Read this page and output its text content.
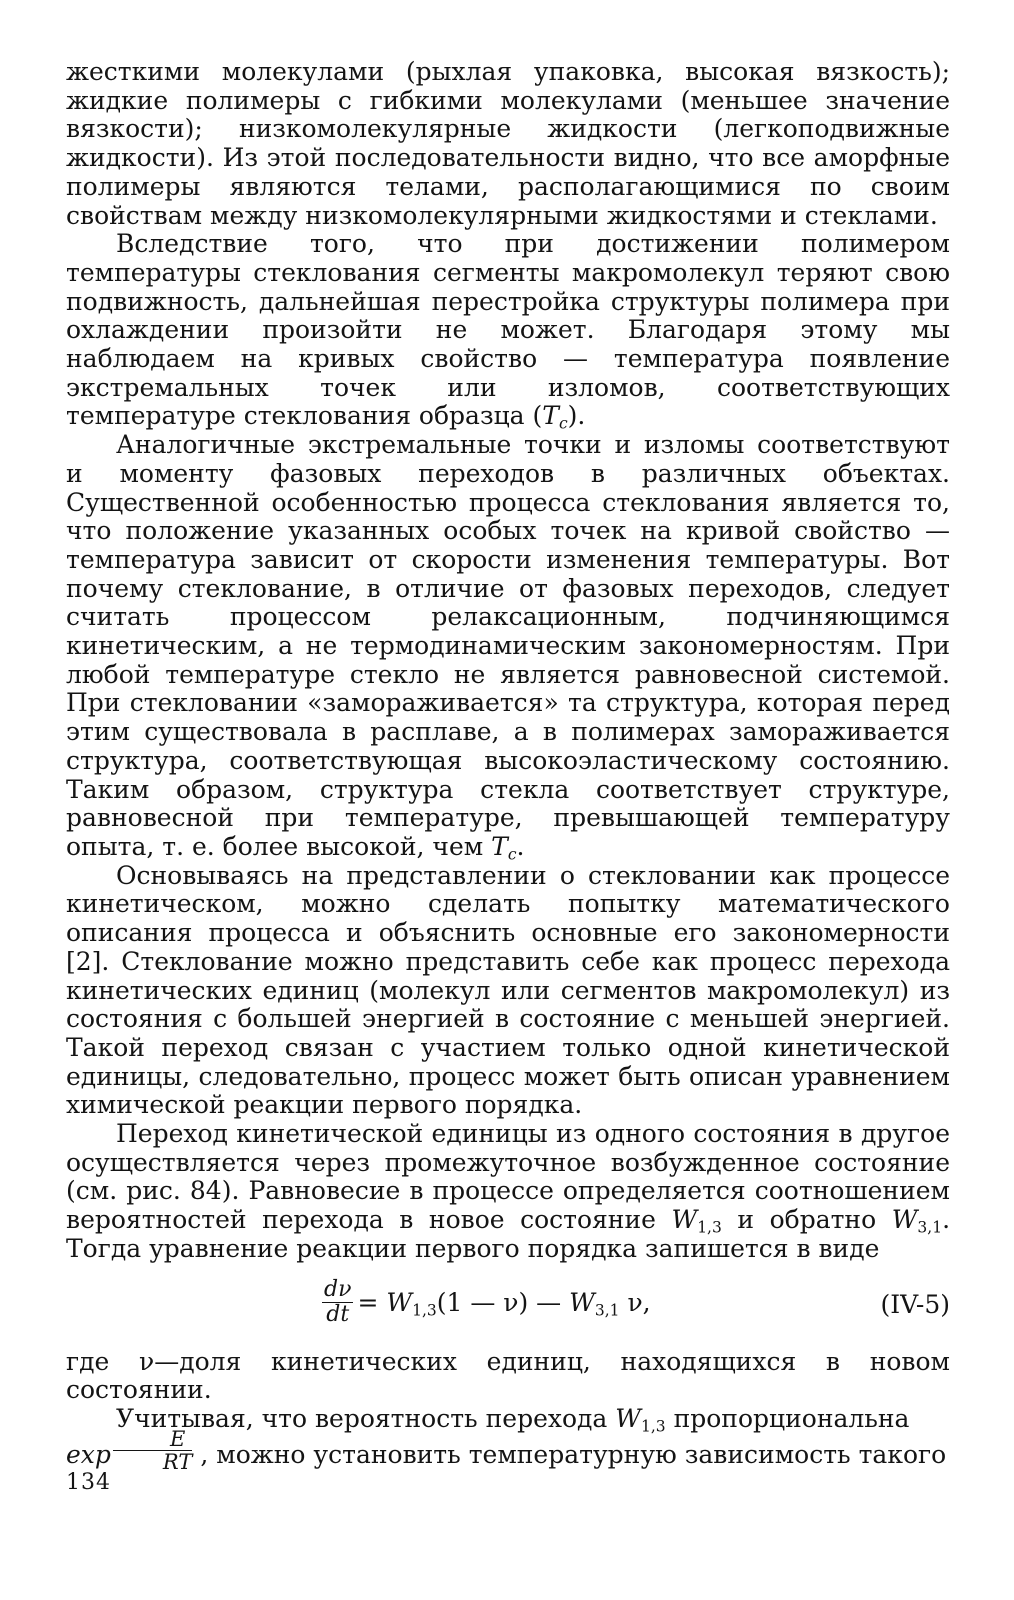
жесткими молекулами (рыхлая упаковка, высокая вязкость); жидкие полимеры с гибкими молекулами (меньшее значение вязкости); низкомолекулярные жидкости (легкоподвижные жидкости). Из этой последовательности видно, что все аморфные полимеры являются телами, располагающимися по своим свойствам между низкомолекулярными жидкостями и стеклами.

Вследствие того, что при достижении полимером температуры стеклования сегменты макромолекул теряют свою подвижность, дальнейшая перестройка структуры полимера при охлаждении произойти не может. Благодаря этому мы наблюдаем на кривых свойство — температура появление экстремальных точек или изломов, соответствующих температуре стеклования образца $(T_c)$.

Аналогичные экстремальные точки и изломы соответствуют и моменту фазовых переходов в различных объектах. Существенной особенностью процесса стеклования является то, что положение указанных особых точек на кривой свойство — температура зависит от скорости изменения температуры. Вот почему стеклование, в отличие от фазовых переходов, следует считать процессом релаксационным, подчиняющимся кинетическим, а не термодинамическим закономерностям. При любой температуре стекло не является равновесной системой. При стекловании «замораживается» та структура, которая перед этим существовала в расплаве, а в полимерах замораживается структура, соответствующая высокоэластическому состоянию. Таким образом, структура стекла соответствует структуре, равновесной при температуре, превышающей температуру опыта, т. е. более высокой, чем $T_c$.

Основываясь на представлении о стекловании как процессе кинетическом, можно сделать попытку математического описания процесса и объяснить основные его закономерности [2]. Стеклование можно представить себе как процесс перехода кинетических единиц (молекул или сегментов макромолекул) из состояния с большей энергией в состояние с меньшей энергией. Такой переход связан с участием только одной кинетической единицы, следовательно, процесс может быть описан уравнением химической реакции первого порядка.

Переход кинетической единицы из одного состояния в другое осуществляется через промежуточное возбужденное состояние (см. рис. 84). Равновесие в процессе определяется соотношением вероятностей перехода в новое состояние $W_{1,3}$ и обратно $W_{3,1}$. Тогда уравнение реакции первого порядка запишется в виде

$\frac{d\nu}{dt} = W_{1,3}(1$ — ν) — $W_{3,1}$ ν,	(IV-5)

где ν—доля кинетических единиц, находящихся в новом состоянии.

Учитывая, что вероятность перехода $W_{1,3}$ пропорциональна
$\exp \frac{E}{RT}$ , можно установить температурную зависимость такого

134
